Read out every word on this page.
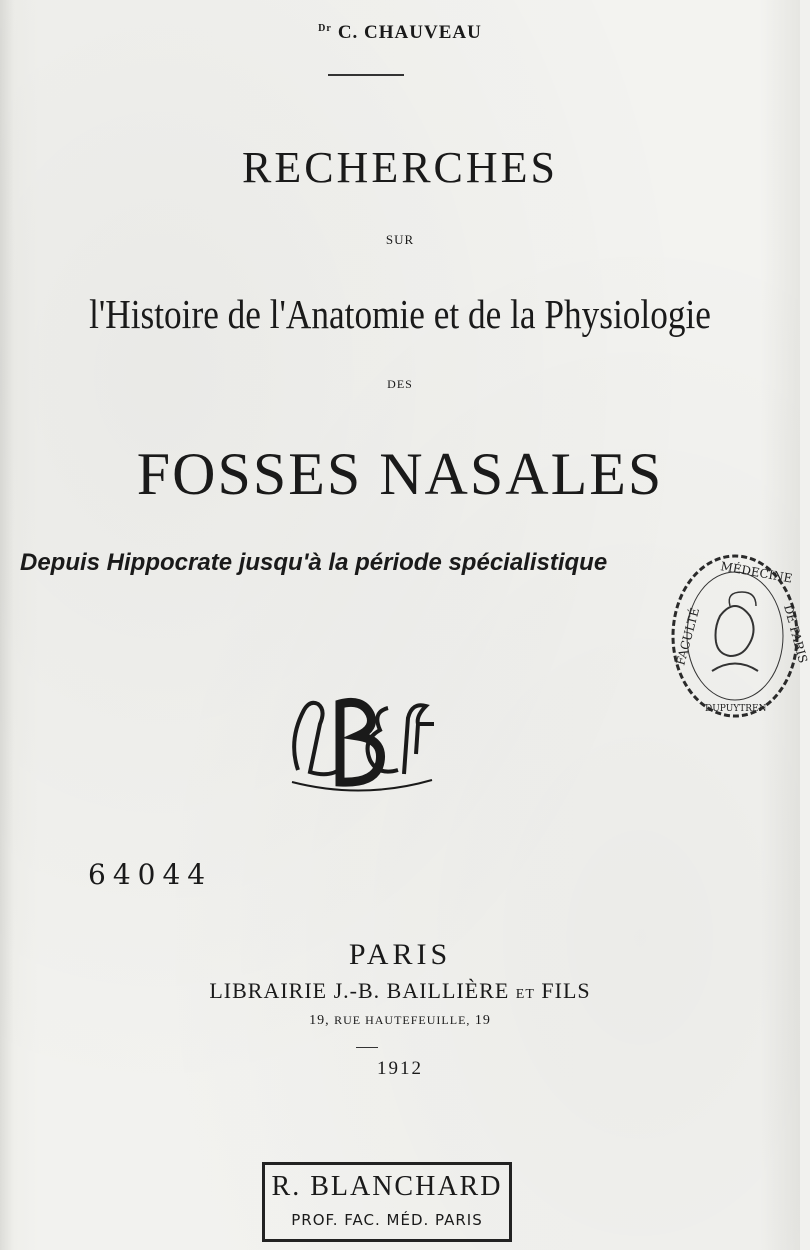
$^{Dr}$ C. CHAUVEAU
RECHERCHES
SUR
l'Histoire de l'Anatomie et de la Physiologie
DES
FOSSES NASALES
Depuis Hippocrate jusqu'à la période spécialistique
FACULTÉ
MÉDECINE
DE PARIS
DUPUYTREN
LB&F
64044
PARIS
LIBRAIRIE J.-B. BAILLIÈRE ET FILS
19, RUE HAUTEFEUILLE, 19
1912
R. BLANCHARD
PROF. FAC. MÉD. PARIS
